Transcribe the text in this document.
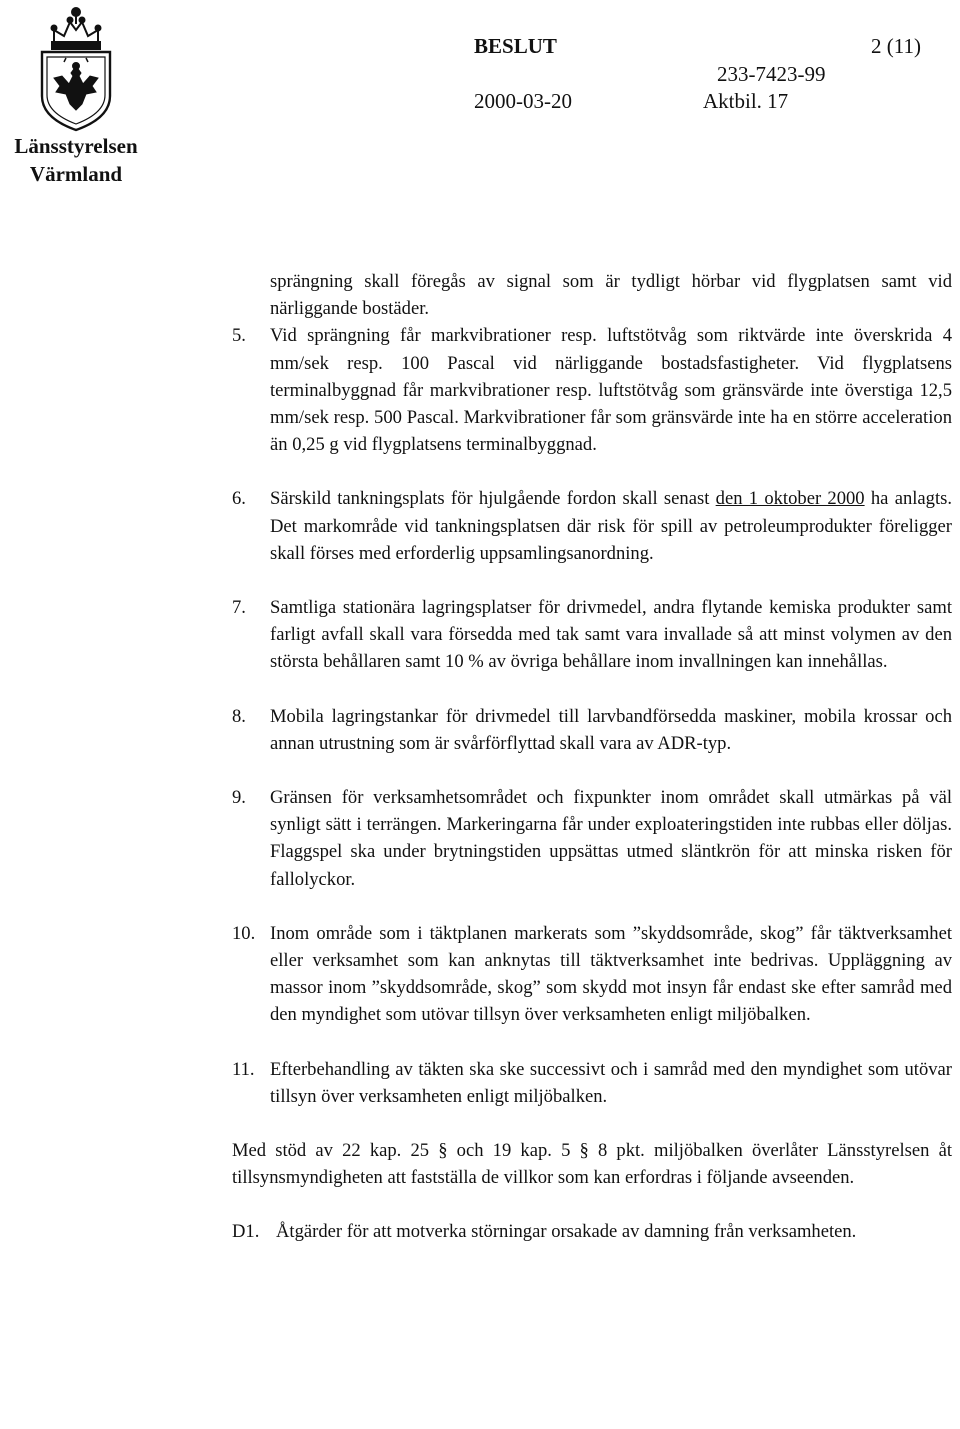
Länsstyrelsen
Värmland
BESLUT	2 (11)
233-7423-99
2000-03-20	Aktbil. 17
sprängning skall föregås av signal som är tydligt hörbar vid flygplatsen samt vid närliggande bostäder.
5.	Vid sprängning får markvibrationer resp. luftstötvåg som riktvärde inte överskrida 4 mm/sek resp. 100 Pascal vid närliggande bostadsfastigheter. Vid flygplatsens terminalbyggnad får markvibrationer resp. luftstötvåg som gränsvärde inte överstiga 12,5 mm/sek resp. 500 Pascal. Markvibrationer får som gränsvärde inte ha en större acceleration än 0,25 g vid flygplatsens terminalbyggnad.
6.	Särskild tankningsplats för hjulgående fordon skall senast den 1 oktober 2000 ha anlagts. Det markområde vid tankningsplatsen där risk för spill av petroleumprodukter föreligger skall förses med erforderlig uppsamlingsanordning.
7.	Samtliga stationära lagringsplatser för drivmedel, andra flytande kemiska produkter samt farligt avfall skall vara försedda med tak samt vara invallade så att minst volymen av den största behållaren samt 10 % av övriga behållare inom invallningen kan innehållas.
8.	Mobila lagringstankar för drivmedel till larvbandförsedda maskiner, mobila krossar och annan utrustning som är svårförflyttad skall vara av ADR-typ.
9.	Gränsen för verksamhetsområdet och fixpunkter inom området skall utmärkas på väl synligt sätt i terrängen. Markeringarna får under exploateringstiden inte rubbas eller döljas. Flaggspel ska under brytningstiden uppsättas utmed släntkrön för att minska risken för fallolyckor.
10. Inom område som i täktplanen markerats som ”skyddsområde, skog” får täktverksamhet eller verksamhet som kan anknytas till täktverksamhet inte bedrivas. Uppläggning av massor inom ”skyddsområde, skog” som skydd mot insyn får endast ske efter samråd med den myndighet som utövar tillsyn över verksamheten enligt miljöbalken.
11. Efterbehandling av täkten ska ske successivt och i samråd med den myndighet som utövar tillsyn över verksamheten enligt miljöbalken.

Med stöd av 22 kap. 25 § och 19 kap. 5 § 8 pkt. miljöbalken överlåter Länsstyrelsen åt tillsynsmyndigheten att fastställa de villkor som kan erfordras i följande avseenden.

D1. Åtgärder för att motverka störningar orsakade av damning från verksamheten.
